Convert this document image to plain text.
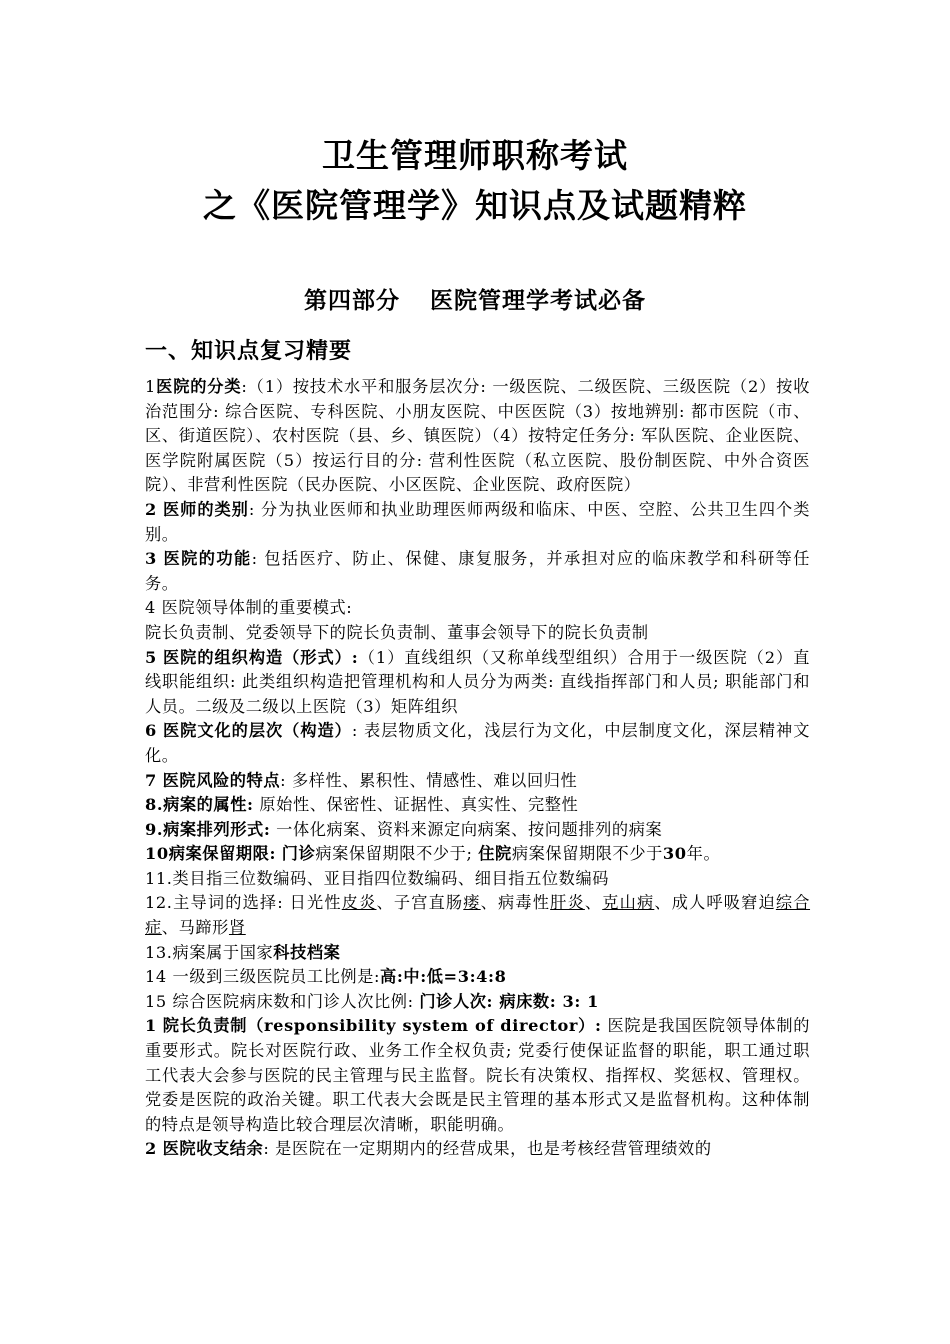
卫生管理师职称考试
之《医院管理学》知识点及试题精粹
第四部分 医院管理学考试必备
一、知识点复习精要

1医院的分类:（1）按技术水平和服务层次分: 一级医院、二级医院、三级医院（2）按收治范围分: 综合医院、专科医院、小朋友医院、中医医院（3）按地辨别: 都市医院（市、区、街道医院）、农村医院（县、乡、镇医院）（4）按特定任务分: 军队医院、企业医院、医学院附属医院（5）按运行目的分: 营利性医院（私立医院、股份制医院、中外合资医院）、非营利性医院（民办医院、小区医院、企业医院、政府医院）

2 医师的类别: 分为执业医师和执业助理医师两级和临床、中医、空腔、公共卫生四个类别。

3 医院的功能: 包括医疗、防止、保健、康复服务，并承担对应的临床教学和科研等任务。

4 医院领导体制的重要模式:

院长负责制、党委领导下的院长负责制、董事会领导下的院长负责制

5 医院的组织构造（形式）:（1）直线组织（又称单线型组织）合用于一级医院（2）直线职能组织: 此类组织构造把管理机构和人员分为两类: 直线指挥部门和人员; 职能部门和人员。二级及二级以上医院（3）矩阵组织

6 医院文化的层次（构造）: 表层物质文化，浅层行为文化，中层制度文化，深层精神文化。

7 医院风险的特点: 多样性、累积性、情感性、难以回归性

8.病案的属性: 原始性、保密性、证据性、真实性、完整性

9.病案排列形式: 一体化病案、资料来源定向病案、按问题排列的病案

10病案保留期限: 门诊病案保留期限不少于; 住院病案保留期限不少于30年。

11.类目指三位数编码、亚目指四位数编码、细目指五位数编码

12.主导词的选择: 日光性皮炎、子宫直肠瘘、病毒性肝炎、克山病、成人呼吸窘迫综合症、马蹄形肾

13.病案属于国家科技档案

14 一级到三级医院员工比例是:高:中:低=3:4:8

15 综合医院病床数和门诊人次比例: 门诊人次: 病床数: 3: 1

1 院长负责制（responsibility system of director）: 医院是我国医院领导体制的重要形式。院长对医院行政、业务工作全权负责; 党委行使保证监督的职能，职工通过职工代表大会参与医院的民主管理与民主监督。院长有决策权、指挥权、奖惩权、管理权。党委是医院的政治关键。职工代表大会既是民主管理的基本形式又是监督机构。这种体制的特点是领导构造比较合理层次清晰，职能明确。

2 医院收支结余: 是医院在一定期期内的经营成果，也是考核经营管理绩效的
